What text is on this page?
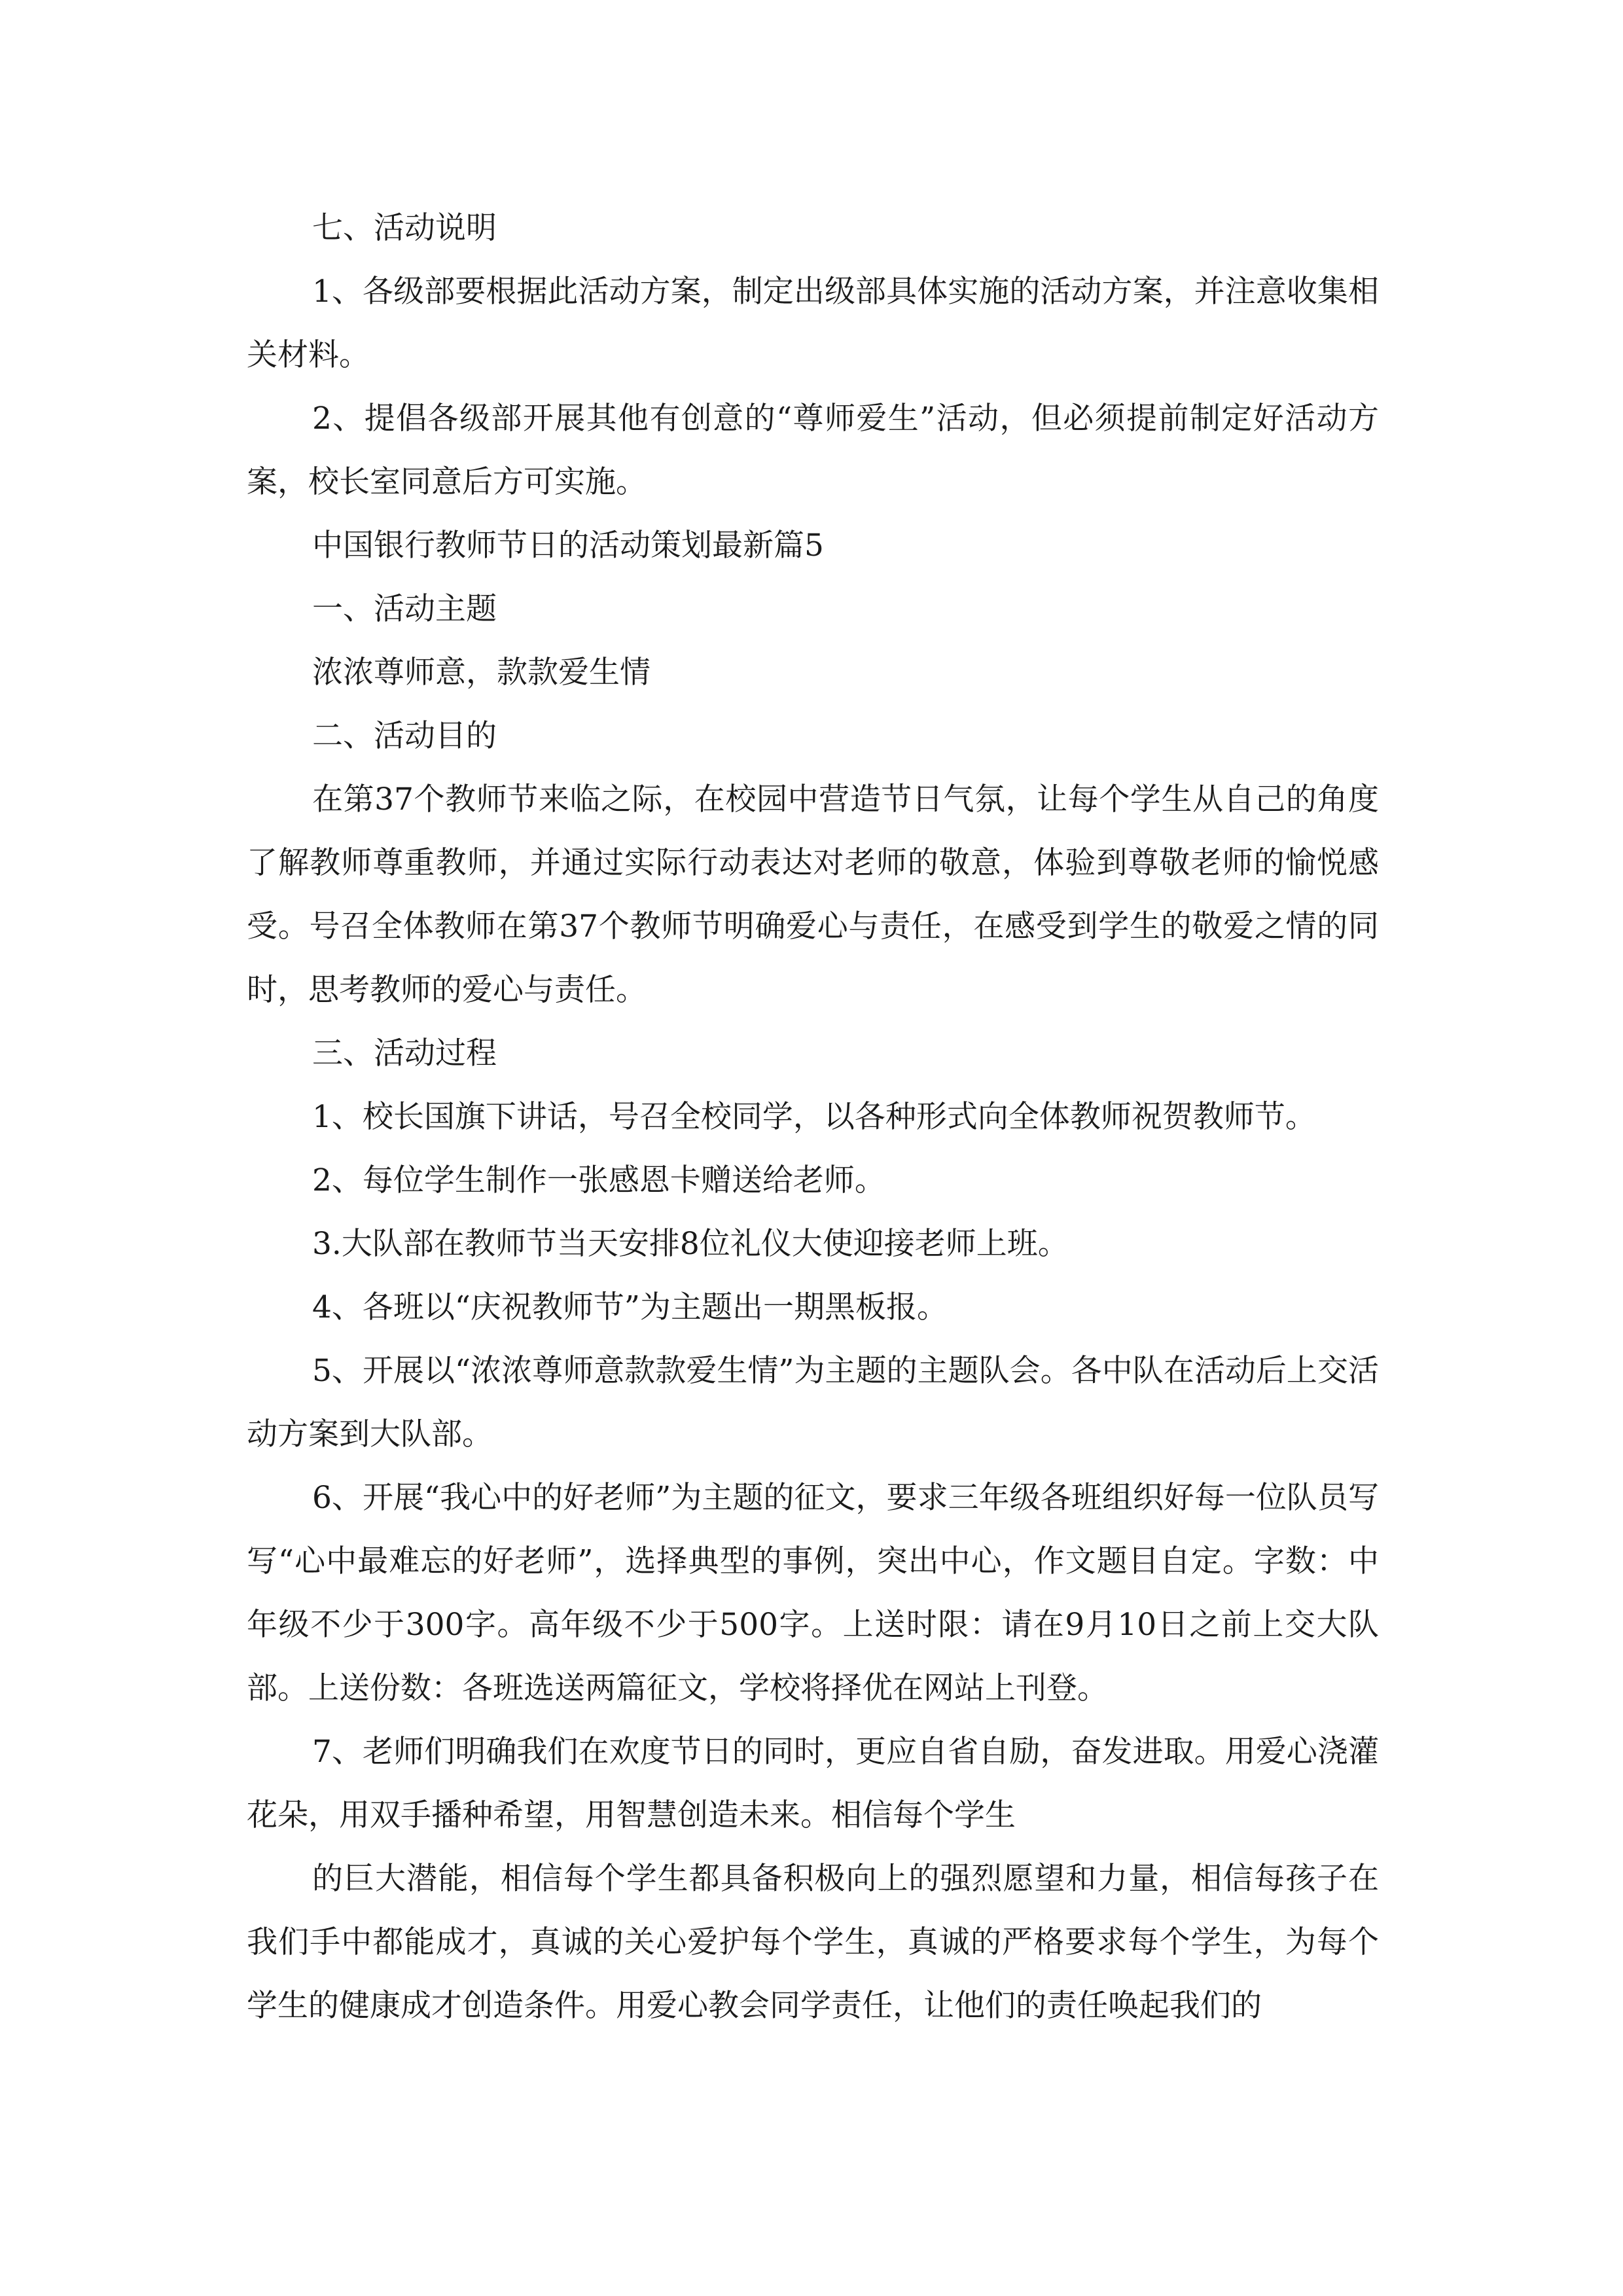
七、活动说明

1、各级部要根据此活动方案，制定出级部具体实施的活动方案，并注意收集相关材料。

2、提倡各级部开展其他有创意的“尊师爱生”活动，但必须提前制定好活动方案，校长室同意后方可实施。

中国银行教师节日的活动策划最新篇5

一、活动主题

浓浓尊师意，款款爱生情

二、活动目的

在第37个教师节来临之际，在校园中营造节日气氛，让每个学生从自己的角度了解教师尊重教师，并通过实际行动表达对老师的敬意，体验到尊敬老师的愉悦感受。号召全体教师在第37个教师节明确爱心与责任，在感受到学生的敬爱之情的同时，思考教师的爱心与责任。

三、活动过程

1、校长国旗下讲话，号召全校同学，以各种形式向全体教师祝贺教师节。

2、每位学生制作一张感恩卡赠送给老师。

3.大队部在教师节当天安排8位礼仪大使迎接老师上班。

4、各班以“庆祝教师节”为主题出一期黑板报。

5、开展以“浓浓尊师意款款爱生情”为主题的主题队会。各中队在活动后上交活动方案到大队部。

6、开展“我心中的好老师”为主题的征文，要求三年级各班组织好每一位队员写写“心中最难忘的好老师”，选择典型的事例，突出中心，作文题目自定。字数：中年级不少于300字。高年级不少于500字。上送时限：请在9月10日之前上交大队部。上送份数：各班选送两篇征文，学校将择优在网站上刊登。

7、老师们明确我们在欢度节日的同时，更应自省自励，奋发进取。用爱心浇灌花朵，用双手播种希望，用智慧创造未来。相信每个学生

的巨大潜能，相信每个学生都具备积极向上的强烈愿望和力量，相信每孩子在我们手中都能成才，真诚的关心爱护每个学生，真诚的严格要求每个学生，为每个学生的健康成才创造条件。用爱心教会同学责任，让他们的责任唤起我们的
